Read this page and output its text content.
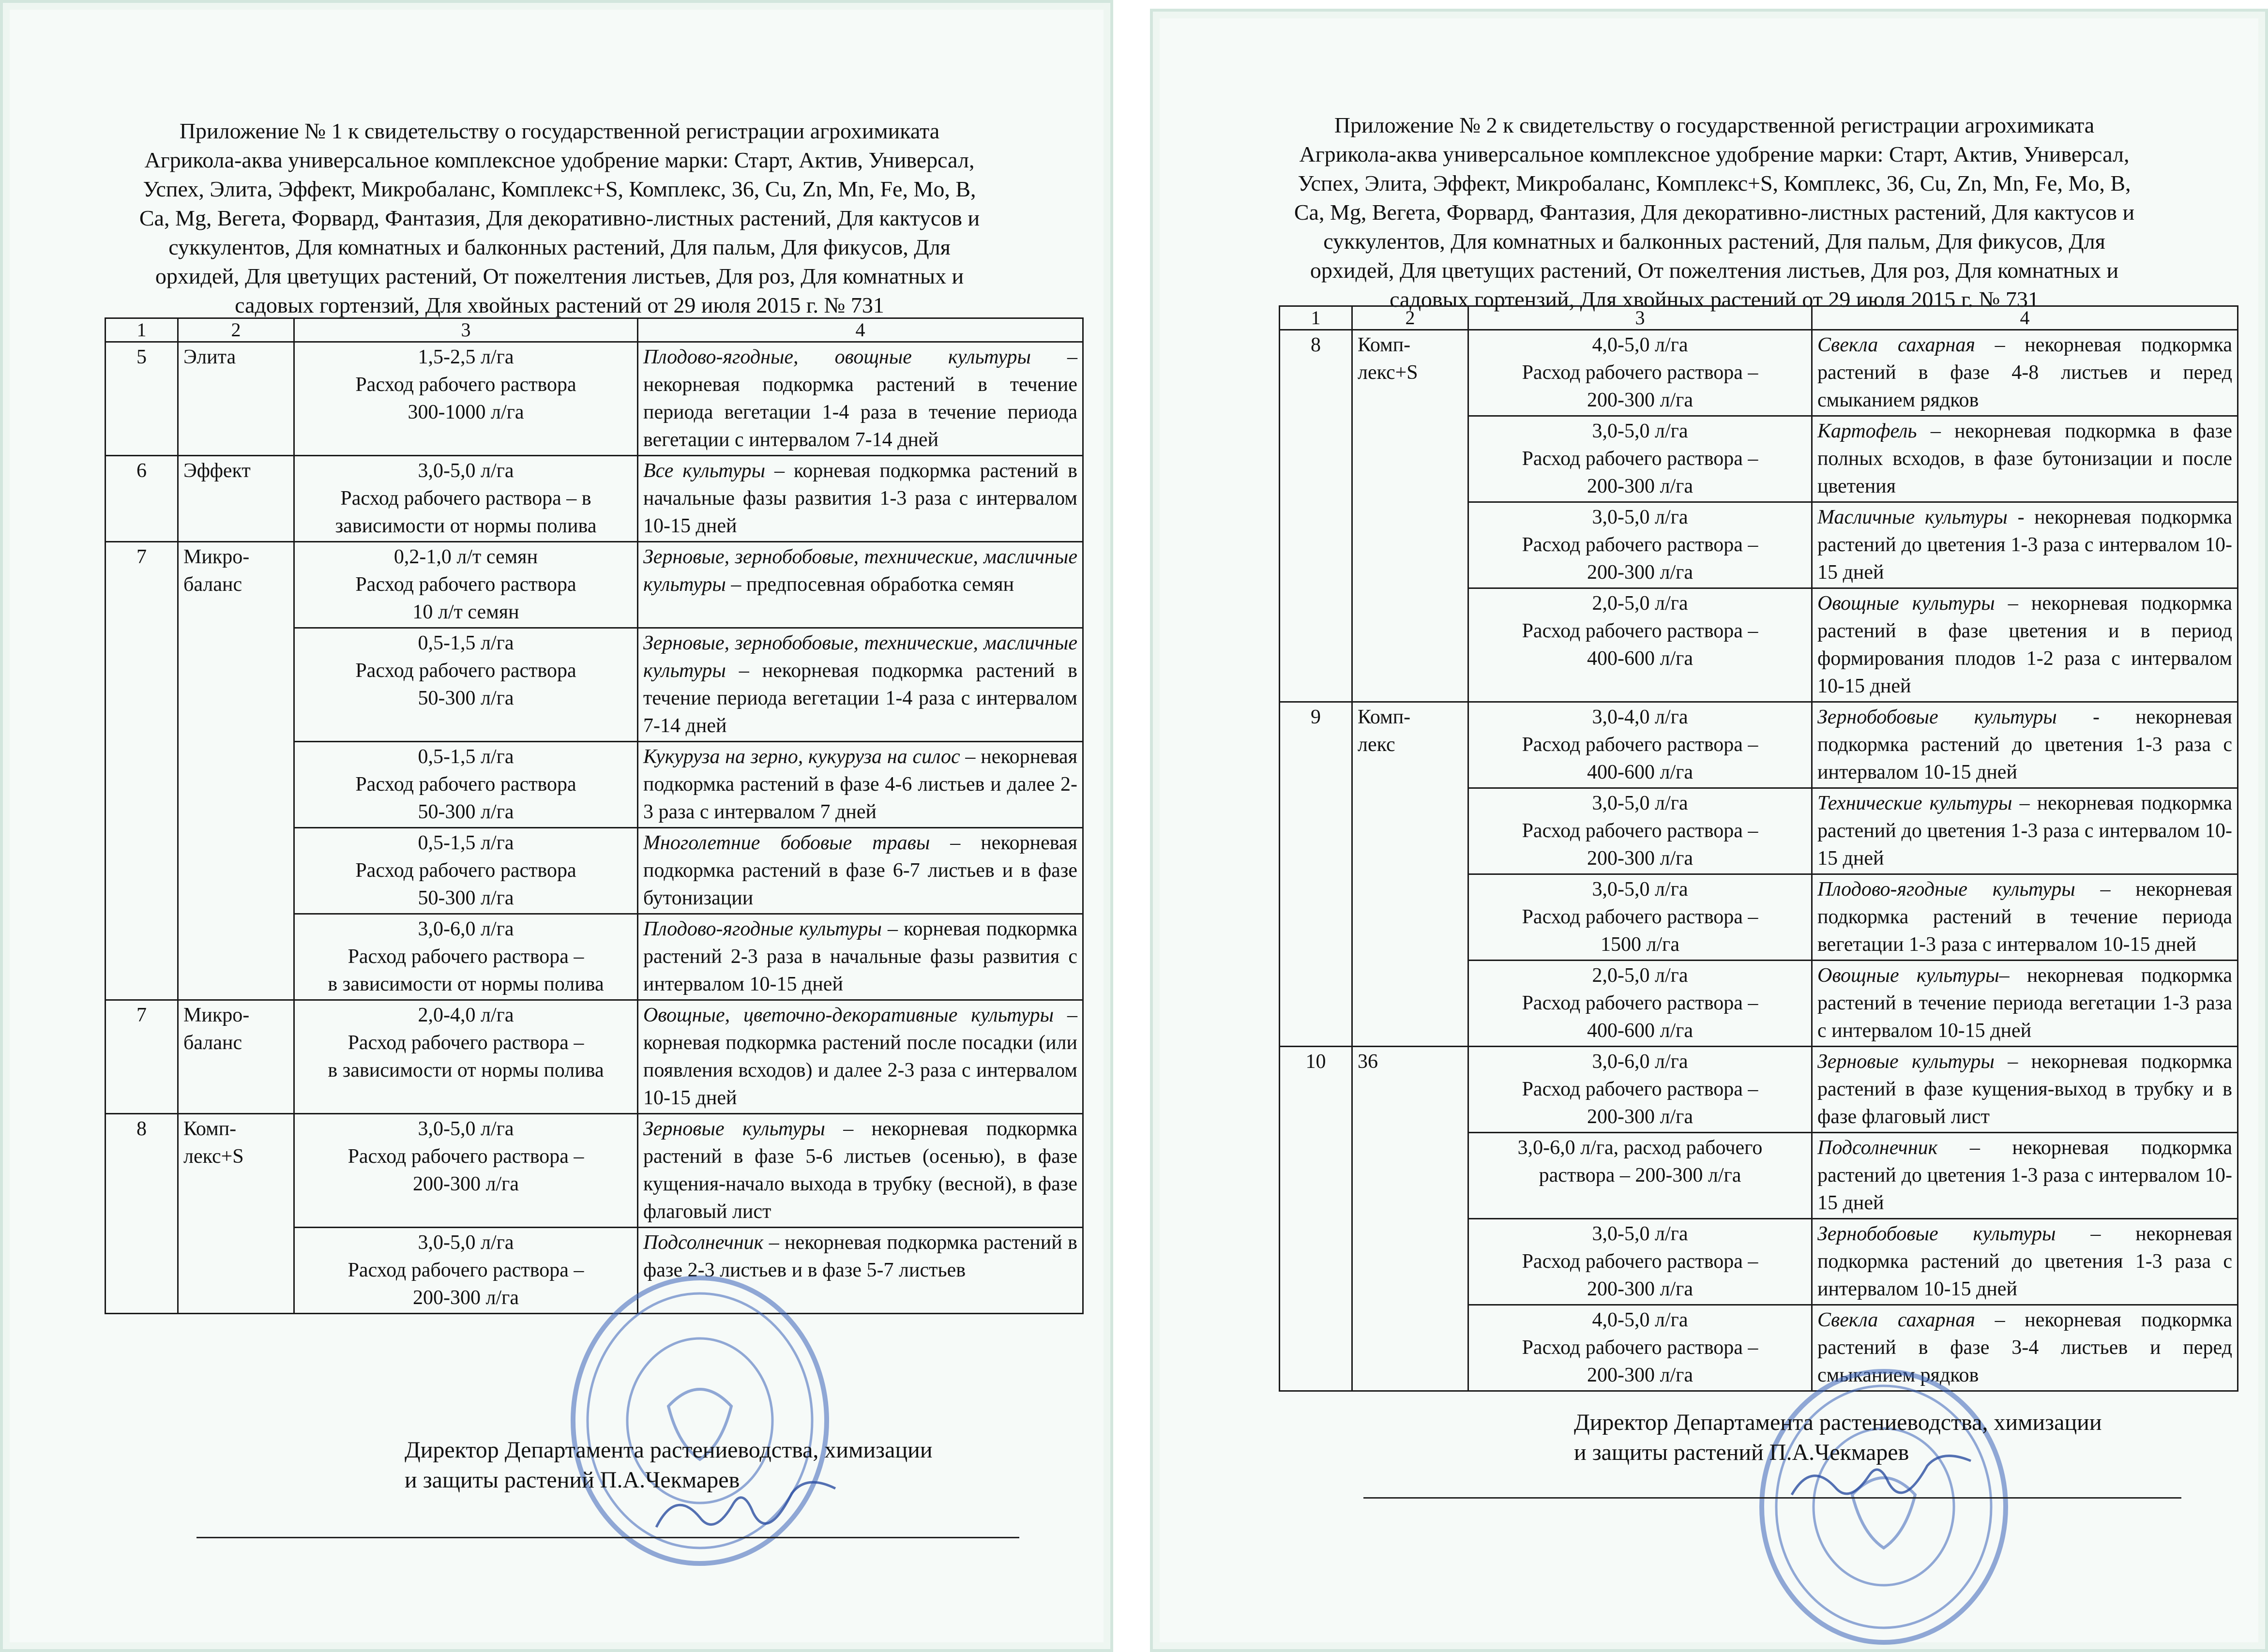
Приложение № 1 к свидетельству о государственной регистрации агрохимиката
Агрикола-аква универсальное комплексное удобрение марки: Старт, Актив, Универсал,
Успех, Элита, Эффект, Микробаланс, Комплекс+S, Комплекс, 36, Cu, Zn, Mn, Fe, Mo, B,
Ca, Mg, Вегета, Форвард, Фантазия, Для декоративно-листных растений, Для кактусов и
суккулентов, Для комнатных и балконных растений, Для пальм, Для фикусов, Для
орхидей, Для цветущих растений, От пожелтения листьев, Для роз, Для комнатных и
садовых гортензий, Для хвойных растений от 29 июля 2015 г. № 731
1	2	3	4
5	Элита	1,5-2,5 л/га
Расход рабочего раствора
300-1000 л/га	Плодово-ягодные, овощные культуры – некорневая подкормка растений в течение периода вегетации 1-4 раза в течение периода вегетации с интервалом 7-14 дней
6	Эффект	3,0-5,0 л/га
Расход рабочего раствора – в зависимости от нормы полива	Все культуры – корневая подкормка растений в начальные фазы развития 1-3 раза с интервалом 10-15 дней
7	Микро-
баланс	0,2-1,0 л/т семян
Расход рабочего раствора
10 л/т семян	Зерновые, зернобобовые, технические, масличные культуры – предпосевная обработка семян
		0,5-1,5 л/га
Расход рабочего раствора
50-300 л/га	Зерновые, зернобобовые, технические, масличные культуры – некорневая подкормка растений в течение периода вегетации 1-4 раза с интервалом 7-14 дней
		0,5-1,5 л/га
Расход рабочего раствора
50-300 л/га	Кукуруза на зерно, кукуруза на силос – некорневая подкормка растений в фазе 4-6 листьев и далее 2-3 раза с интервалом 7 дней
		0,5-1,5 л/га
Расход рабочего раствора
50-300 л/га	Многолетние бобовые травы – некорневая подкормка растений в фазе 6-7 листьев и в фазе бутонизации
		3,0-6,0 л/га
Расход рабочего раствора –
в зависимости от нормы полива	Плодово-ягодные культуры – корневая подкормка растений 2-3 раза в начальные фазы развития с интервалом 10-15 дней
7	Микро-
баланс	2,0-4,0 л/га
Расход рабочего раствора –
в зависимости от нормы полива	Овощные, цветочно-декоративные культуры – корневая подкормка растений после посадки (или появления всходов) и далее 2-3 раза с интервалом 10-15 дней
8	Комп-
лекс+S	3,0-5,0 л/га
Расход рабочего раствора –
200-300 л/га	Зерновые культуры – некорневая подкормка растений в фазе 5-6 листьев (осенью), в фазе кущения-начало выхода в трубку (весной), в фазе флаговый лист
		3,0-5,0 л/га
Расход рабочего раствора –
200-300 л/га	Подсолнечник – некорневая подкормка растений в фазе 2-3 листьев и в фазе 5-7 листьев
Директор Департамента растениеводства, химизации
и защиты растений П.А.Чекмарев
Приложение № 2 к свидетельству о государственной регистрации агрохимиката
Агрикола-аква универсальное комплексное удобрение марки: Старт, Актив, Универсал,
Успех, Элита, Эффект, Микробаланс, Комплекс+S, Комплекс, 36, Cu, Zn, Mn, Fe, Mo, B,
Ca, Mg, Вегета, Форвард, Фантазия, Для декоративно-листных растений, Для кактусов и
суккулентов, Для комнатных и балконных растений, Для пальм, Для фикусов, Для
орхидей, Для цветущих растений, От пожелтения листьев, Для роз, Для комнатных и
садовых гортензий, Для хвойных растений от 29 июля 2015 г. № 731
1	2	3	4
8	Комп-
лекс+S	4,0-5,0 л/га
Расход рабочего раствора –
200-300 л/га	Свекла сахарная – некорневая подкормка растений в фазе 4-8 листьев и перед смыканием рядков
		3,0-5,0 л/га
Расход рабочего раствора –
200-300 л/га	Картофель – некорневая подкормка в фазе полных всходов, в фазе бутонизации и после цветения
		3,0-5,0 л/га
Расход рабочего раствора –
200-300 л/га	Масличные культуры - некорневая подкормка растений до цветения 1-3 раза с интервалом 10-15 дней
		2,0-5,0 л/га
Расход рабочего раствора –
400-600 л/га	Овощные культуры – некорневая подкормка растений в фазе цветения и в период формирования плодов 1-2 раза с интервалом 10-15 дней
9	Комп-
лекс	3,0-4,0 л/га
Расход рабочего раствора –
400-600 л/га	Зернобобовые культуры - некорневая подкормка растений до цветения 1-3 раза с интервалом 10-15 дней
		3,0-5,0 л/га
Расход рабочего раствора –
200-300 л/га	Технические культуры – некорневая подкормка растений до цветения 1-3 раза с интервалом 10-15 дней
		3,0-5,0 л/га
Расход рабочего раствора –
1500 л/га	Плодово-ягодные культуры – некорневая подкормка растений в течение периода вегетации 1-3 раза с интервалом 10-15 дней
		2,0-5,0 л/га
Расход рабочего раствора –
400-600 л/га	Овощные культуры– некорневая подкормка растений в течение периода вегетации 1-3 раза с интервалом 10-15 дней
10	36	3,0-6,0 л/га
Расход рабочего раствора –
200-300 л/га	Зерновые культуры – некорневая подкормка растений в фазе кущения-выход в трубку и в фазе флаговый лист
		3,0-6,0 л/га, расход рабочего
раствора – 200-300 л/га	Подсолнечник – некорневая подкормка растений до цветения 1-3 раза с интервалом 10-15 дней
		3,0-5,0 л/га
Расход рабочего раствора –
200-300 л/га	Зернобобовые культуры – некорневая подкормка растений до цветения 1-3 раза с интервалом 10-15 дней
		4,0-5,0 л/га
Расход рабочего раствора –
200-300 л/га	Свекла сахарная – некорневая подкормка растений в фазе 3-4 листьев и перед смыканием рядков
Директор Департамента растениеводства, химизации
и защиты растений П.А.Чекмарев
